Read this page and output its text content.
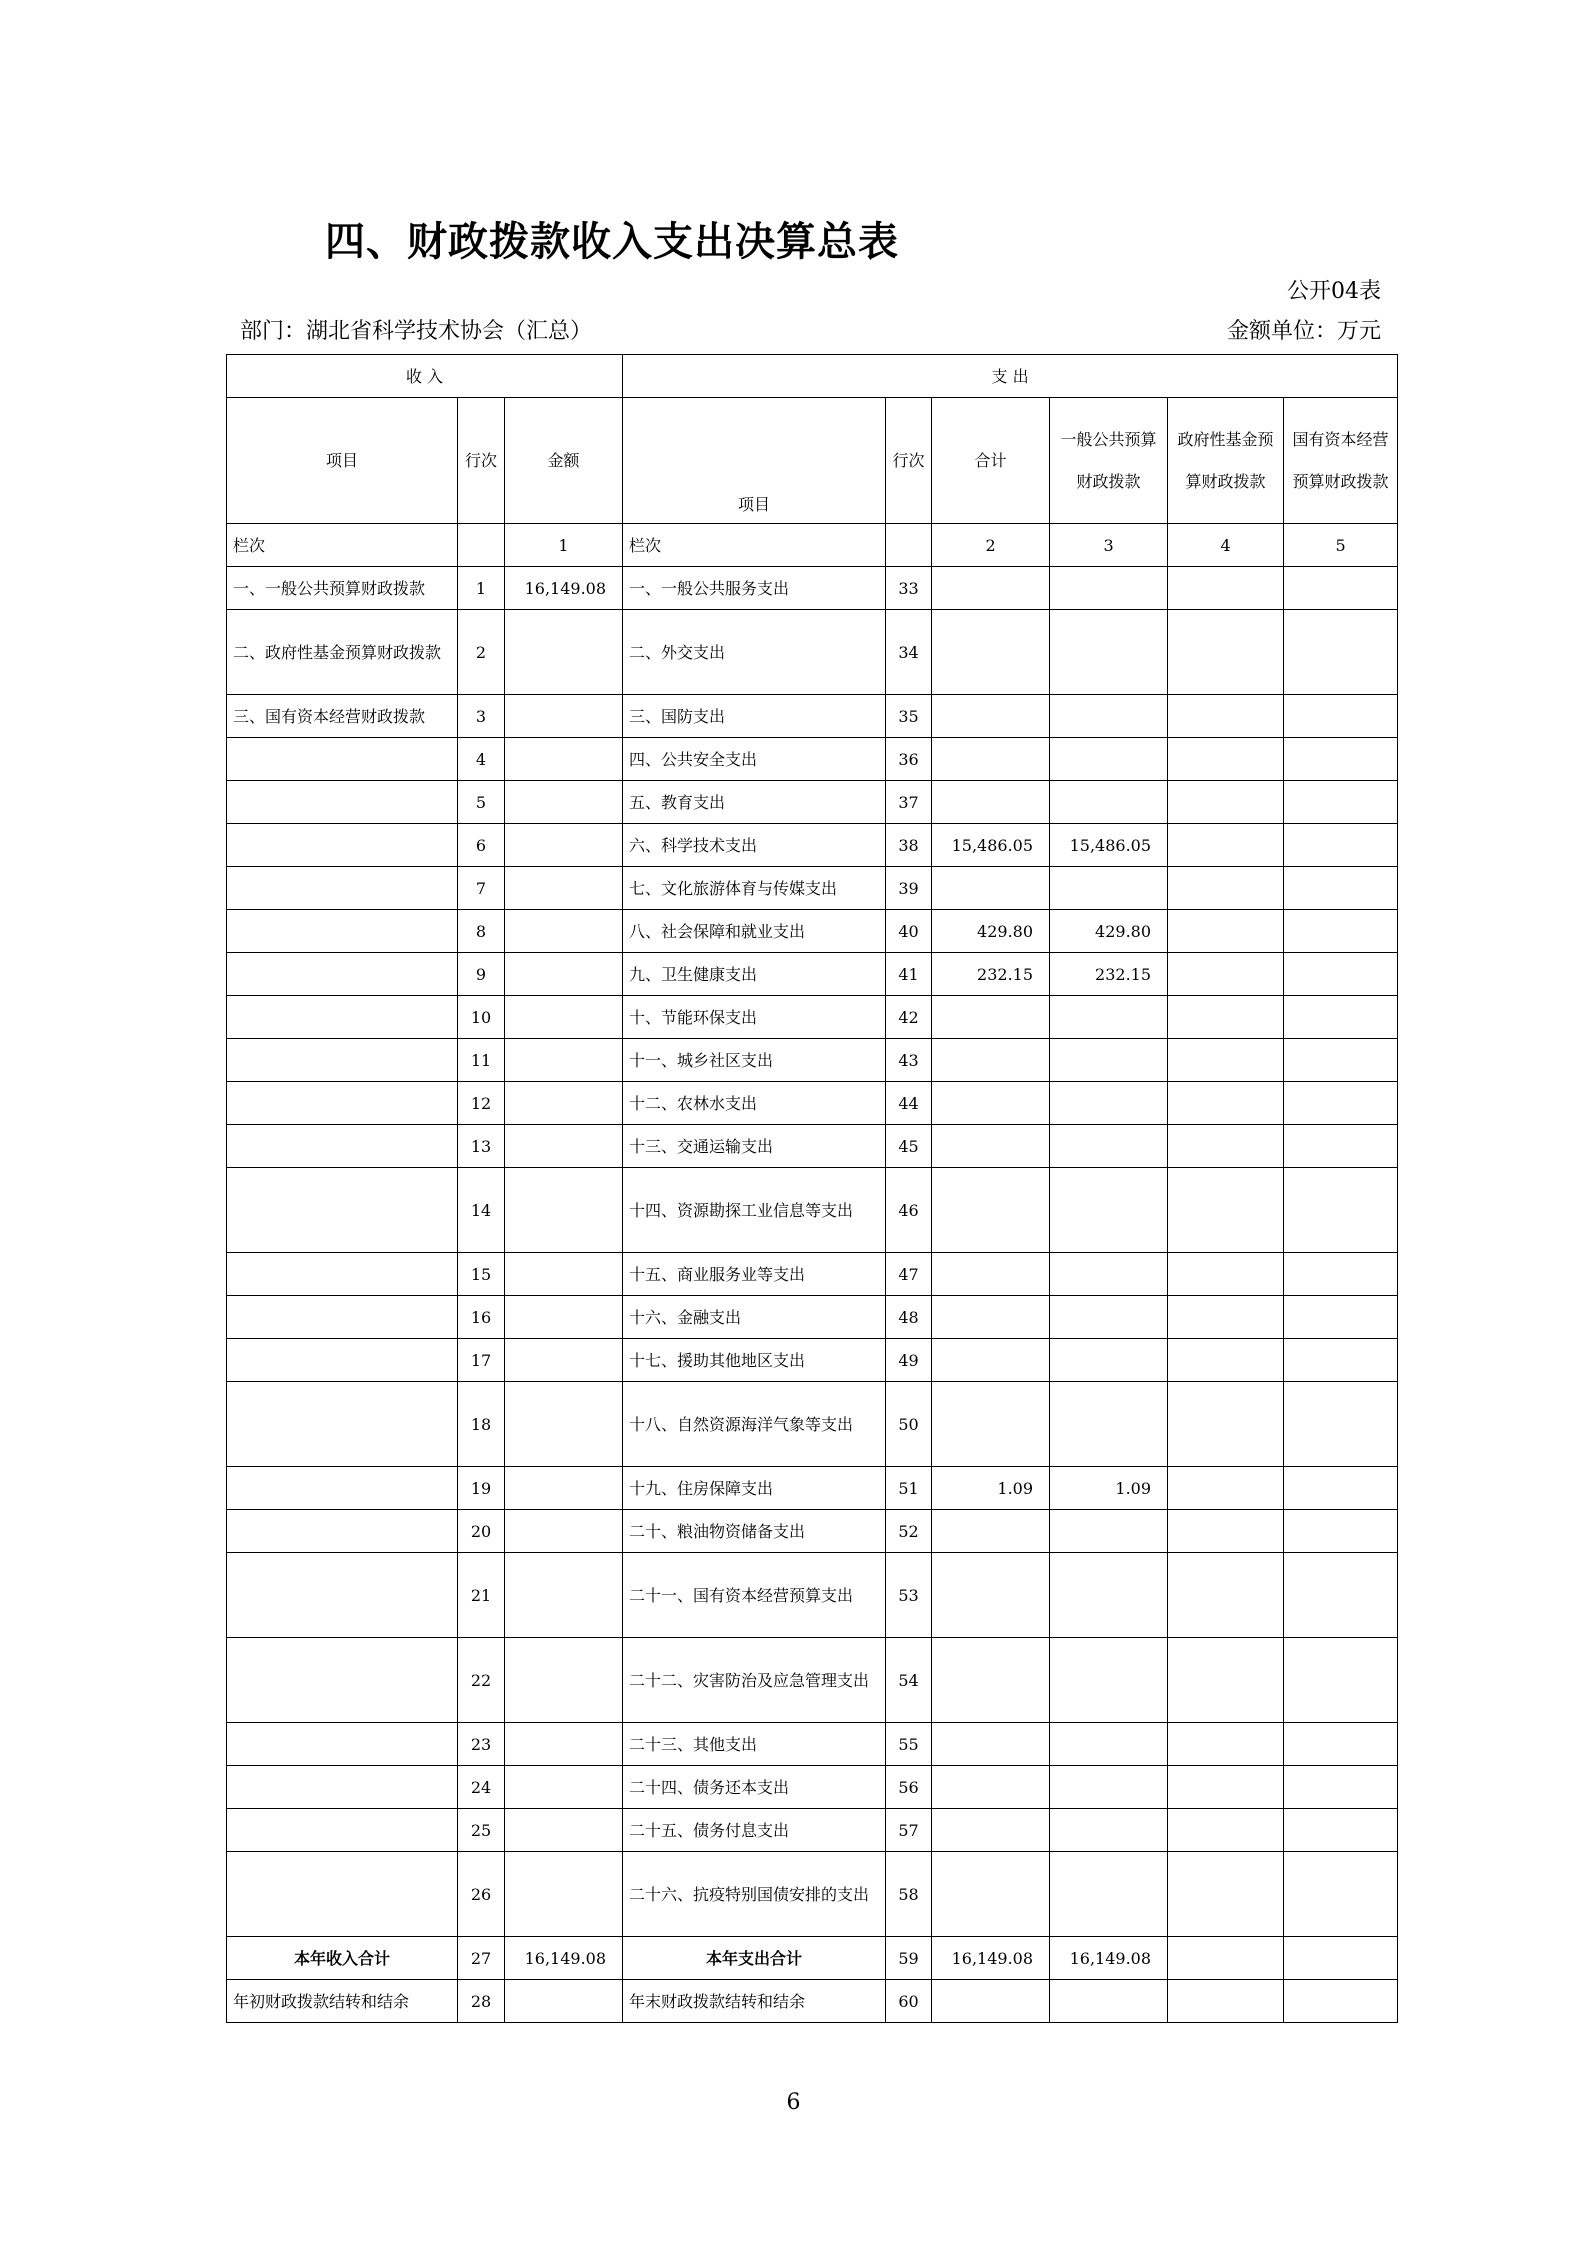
四、财政拨款收入支出决算总表
公开04表
部门：湖北省科学技术协会（汇总）	金额单位：万元
收 入			支 出					
项目	行次	金额	项目	行次	合计	一般公共预算财政拨款	政府性基金预算财政拨款	国有资本经营预算财政拨款
栏次		1	栏次		2	3	4	5
一、一般公共预算财政拨款	1	16,149.08	一、一般公共服务支出	33				
二、政府性基金预算财政拨款	2		二、外交支出	34				
三、国有资本经营财政拨款	3		三、国防支出	35				
	4		四、公共安全支出	36				
	5		五、教育支出	37				
	6		六、科学技术支出	38	15,486.05	15,486.05		
	7		七、文化旅游体育与传媒支出	39				
	8		八、社会保障和就业支出	40	429.80	429.80		
	9		九、卫生健康支出	41	232.15	232.15		
	10		十、节能环保支出	42				
	11		十一、城乡社区支出	43				
	12		十二、农林水支出	44				
	13		十三、交通运输支出	45				
	14		十四、资源勘探工业信息等支出	46				
	15		十五、商业服务业等支出	47				
	16		十六、金融支出	48				
	17		十七、援助其他地区支出	49				
	18		十八、自然资源海洋气象等支出	50				
	19		十九、住房保障支出	51	1.09	1.09		
	20		二十、粮油物资储备支出	52				
	21		二十一、国有资本经营预算支出	53				
	22		二十二、灾害防治及应急管理支出	54				
	23		二十三、其他支出	55				
	24		二十四、债务还本支出	56				
	25		二十五、债务付息支出	57				
	26		二十六、抗疫特别国债安排的支出	58				
本年收入合计	27	16,149.08	本年支出合计	59	16,149.08	16,149.08		
年初财政拨款结转和结余	28		年末财政拨款结转和结余	60				
6
